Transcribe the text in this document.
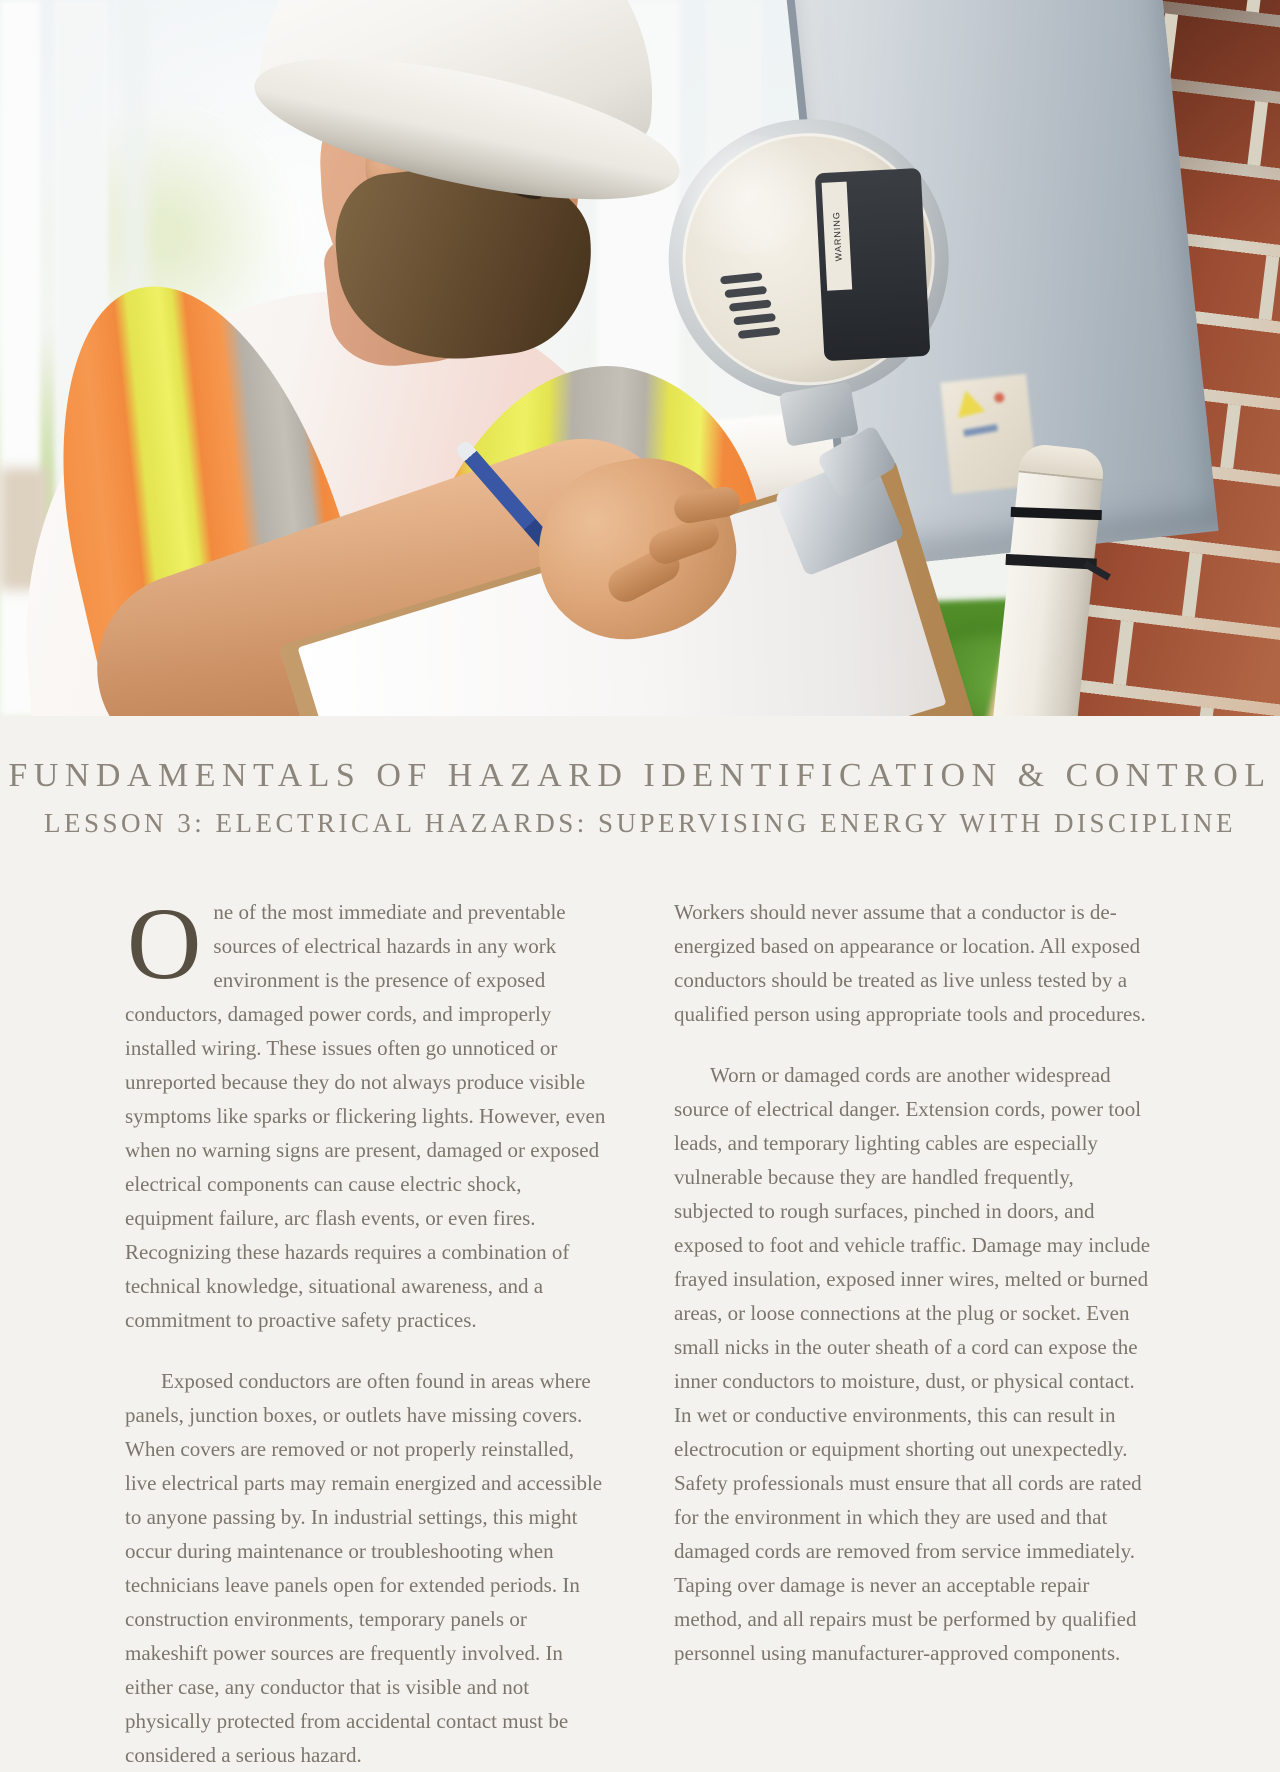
WARNING
FUNDAMENTALS OF HAZARD IDENTIFICATION & CONTROL
LESSON 3: ELECTRICAL HAZARDS: SUPERVISING ENERGY WITH DISCIPLINE

One of the most immediate and preventable sources of electrical hazards in any work environment is the presence of exposed conductors, damaged power cords, and improperly installed wiring. These issues often go unnoticed or unreported because they do not always produce visible symptoms like sparks or flickering lights. However, even when no warning signs are present, damaged or exposed electrical components can cause electric shock, equipment failure, arc flash events, or even fires. Recognizing these hazards requires a combination of technical knowledge, situational awareness, and a commitment to proactive safety practices.

Exposed conductors are often found in areas where panels, junction boxes, or outlets have missing covers. When covers are removed or not properly reinstalled, live electrical parts may remain energized and accessible to anyone passing by. In industrial settings, this might occur during maintenance or troubleshooting when technicians leave panels open for extended periods. In construction environments, temporary panels or makeshift power sources are frequently involved. In either case, any conductor that is visible and not physically protected from accidental contact must be considered a serious hazard.

Workers should never assume that a conductor is de-energized based on appearance or location. All exposed conductors should be treated as live unless tested by a qualified person using appropriate tools and procedures.

Worn or damaged cords are another widespread source of electrical danger. Extension cords, power tool leads, and temporary lighting cables are especially vulnerable because they are handled frequently, subjected to rough surfaces, pinched in doors, and exposed to foot and vehicle traffic. Damage may include frayed insulation, exposed inner wires, melted or burned areas, or loose connections at the plug or socket. Even small nicks in the outer sheath of a cord can expose the inner conductors to moisture, dust, or physical contact. In wet or conductive environments, this can result in electrocution or equipment shorting out unexpectedly. Safety professionals must ensure that all cords are rated for the environment in which they are used and that damaged cords are removed from service immediately. Taping over damage is never an acceptable repair method, and all repairs must be performed by qualified personnel using manufacturer-approved components.
